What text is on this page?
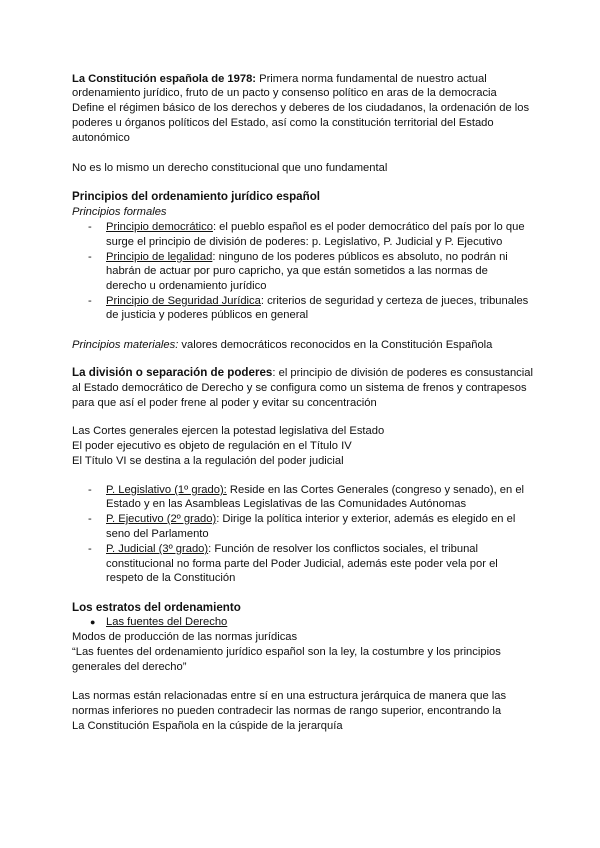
La Constitución española de 1978: Primera norma fundamental de nuestro actual
ordenamiento jurídico, fruto de un pacto y consenso político en aras de la democracia
Define el régimen básico de los derechos y deberes de los ciudadanos, la ordenación de los
poderes u órganos políticos del Estado, así como la constitución territorial del Estado
autonómico
No es lo mismo un derecho constitucional que uno fundamental
Principios del ordenamiento jurídico español
Principios formales
- Principio democrático: el pueblo español es el poder democrático del país por lo que
surge el principio de división de poderes: p. Legislativo, P. Judicial y P. Ejecutivo
- Principio de legalidad: ninguno de los poderes públicos es absoluto, no podrán ni
habrán de actuar por puro capricho, ya que están sometidos a las normas de
derecho u ordenamiento jurídico
- Principio de Seguridad Jurídica: criterios de seguridad y certeza de jueces, tribunales
de justicia y poderes públicos en general
Principios materiales: valores democráticos reconocidos en la Constitución Española
La división o separación de poderes: el principio de división de poderes es consustancial
al Estado democrático de Derecho y se configura como un sistema de frenos y contrapesos
para que así el poder frene al poder y evitar su concentración
Las Cortes generales ejercen la potestad legislativa del Estado
El poder ejecutivo es objeto de regulación en el Título IV
El Título VI se destina a la regulación del poder judicial
- P. Legislativo (1º grado): Reside en las Cortes Generales (congreso y senado), en el
Estado y en las Asambleas Legislativas de las Comunidades Autónomas
- P. Ejecutivo (2º grado): Dirige la política interior y exterior, además es elegido en el
seno del Parlamento
- P. Judicial (3º grado): Función de resolver los conflictos sociales, el tribunal
constitucional no forma parte del Poder Judicial, además este poder vela por el
respeto de la Constitución
Los estratos del ordenamiento
● Las fuentes del Derecho
Modos de producción de las normas jurídicas
“Las fuentes del ordenamiento jurídico español son la ley, la costumbre y los principios
generales del derecho”
Las normas están relacionadas entre sí en una estructura jerárquica de manera que las
normas inferiores no pueden contradecir las normas de rango superior, encontrando la
La Constitución Española en la cúspide de la jerarquía
